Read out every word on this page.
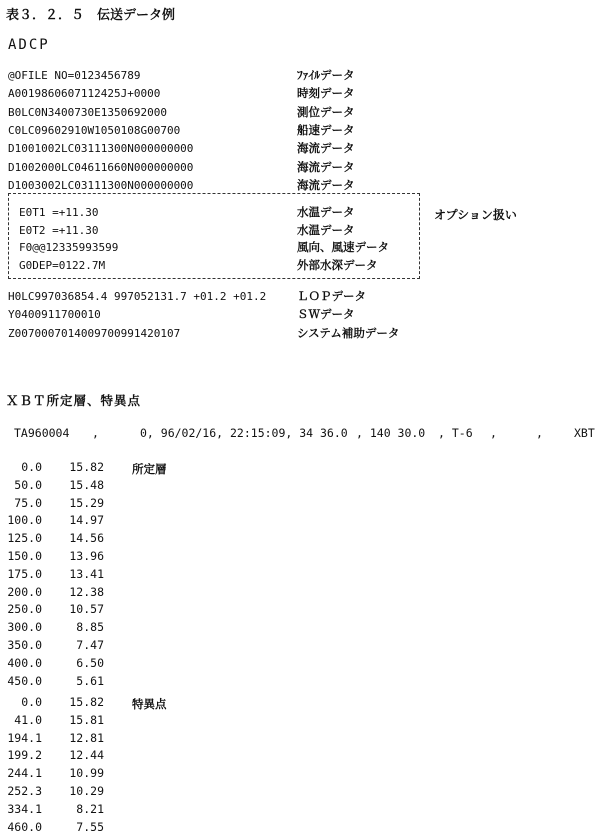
表３．２．５　伝送データ例
ADCP
@OFILE NO=0123456789	ﾌｧｲﾙデータ
A0019860607112425J+0000	時刻データ
B0LC0N3400730E1350692000	測位データ
C0LC09602910W1050108G00700	船速データ
D1001002LC03111300N000000000	海流データ
D1002000LC04611660N000000000	海流データ
D1003002LC03111300N000000000	海流データ
E0T1 =+11.30	水温データ
E0T2 =+11.30	水温データ
F0@@12335993599	風向、風速データ
G0DEP=0122.7M	外部水深データ
オプション扱い
H0LC997036854.4 997052131.7 +01.2 +01.2	ＬＯＰデータ
Y0400911700010	ＳＷデータ
Z0070007014009700991420107	システム補助データ
ＸＢＴ所定層、特異点
TA960004 ,	0, 96/02/16, 22:15:09, 34 36.0 , 140 30.0 , T-6 ,	,	XBT
0.0	15.82
50.0	15.48
75.0	15.29
100.0	14.97
125.0	14.56
150.0	13.96
175.0	13.41
200.0	12.38
250.0	10.57
300.0	8.85
350.0	7.47
400.0	6.50
450.0	5.61
所定層
0.0	15.82
41.0	15.81
194.1	12.81
199.2	12.44
244.1	10.99
252.3	10.29
334.1	8.21
460.0	7.55
特異点
